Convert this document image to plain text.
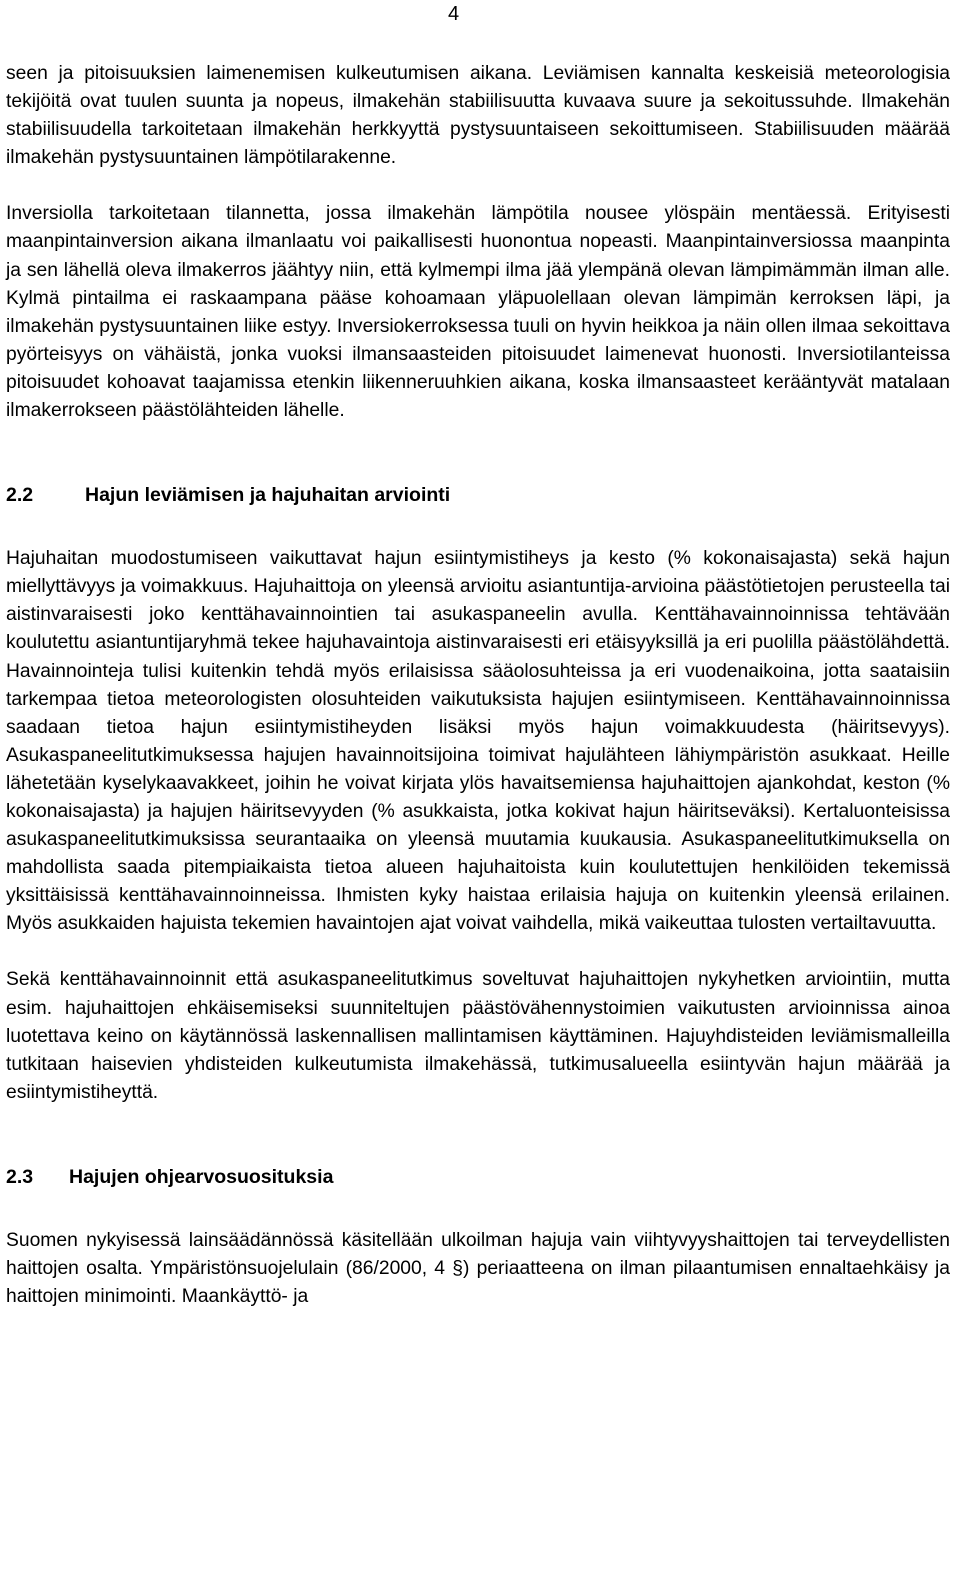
4

seen ja pitoisuuksien laimenemisen kulkeutumisen aikana. Leviämisen kannalta keskeisiä meteorologisia tekijöitä ovat tuulen suunta ja nopeus, ilmakehän stabiilisuutta kuvaava suure ja sekoitussuhde. Ilmakehän stabiilisuudella tarkoitetaan ilmakehän herkkyyttä pystysuuntaiseen sekoittumiseen. Stabiilisuuden määrää ilmakehän pystysuuntainen lämpötilarakenne.

Inversiolla tarkoitetaan tilannetta, jossa ilmakehän lämpötila nousee ylöspäin mentäessä. Erityisesti maanpintainversion aikana ilmanlaatu voi paikallisesti huonontua nopeasti. Maanpintainversiossa maanpinta ja sen lähellä oleva ilmakerros jäähtyy niin, että kylmempi ilma jää ylempänä olevan lämpimämmän ilman alle. Kylmä pintailma ei raskaampana pääse kohoamaan yläpuolellaan olevan lämpimän kerroksen läpi, ja ilmakehän pystysuuntainen liike estyy. Inversiokerroksessa tuuli on hyvin heikkoa ja näin ollen ilmaa sekoittava pyörteisyys on vähäistä, jonka vuoksi ilmansaasteiden pitoisuudet laimenevat huonosti. Inversiotilanteissa pitoisuudet kohoavat taajamissa etenkin liikenneruuhkien aikana, koska ilmansaasteet kerääntyvät matalaan ilmakerrokseen päästölähteiden lähelle.

2.2	Hajun leviämisen ja hajuhaitan arviointi

Hajuhaitan muodostumiseen vaikuttavat hajun esiintymistiheys ja kesto (% kokonaisajasta) sekä hajun miellyttävyys ja voimakkuus. Hajuhaittoja on yleensä arvioitu asiantuntija-arvioina päästötietojen perusteella tai aistinvaraisesti joko kenttähavainnointien tai asukaspaneelin avulla. Kenttähavainnoinnissa tehtävään koulutettu asiantuntijaryhmä tekee hajuhavaintoja aistinvaraisesti eri etäisyyksillä ja eri puolilla päästölähdettä. Havainnointeja tulisi kuitenkin tehdä myös erilaisissa sääolosuhteissa ja eri vuodenaikoina, jotta saataisiin tarkempaa tietoa meteorologisten olosuhteiden vaikutuksista hajujen esiintymiseen. Kenttähavainnoinnissa saadaan tietoa hajun esiintymistiheyden lisäksi myös hajun voimakkuudesta (häiritsevyys). Asukaspaneelitutkimuksessa hajujen havainnoitsijoina toimivat hajulähteen lähiympäristön asukkaat. Heille lähetetään kyselykaavakkeet, joihin he voivat kirjata ylös havaitsemiensa hajuhaittojen ajankohdat, keston (% kokonaisajasta) ja hajujen häiritsevyyden (% asukkaista, jotka kokivat hajun häiritseväksi). Kertaluonteisissa asukaspaneelitutkimuksissa seurantaaika on yleensä muutamia kuukausia. Asukaspaneelitutkimuksella on mahdollista saada pitempiaikaista tietoa alueen hajuhaitoista kuin koulutettujen henkilöiden tekemissä yksittäisissä kenttähavainnoinneissa. Ihmisten kyky haistaa erilaisia hajuja on kuitenkin yleensä erilainen. Myös asukkaiden hajuista tekemien havaintojen ajat voivat vaihdella, mikä vaikeuttaa tulosten vertailtavuutta.

Sekä kenttähavainnoinnit että asukaspaneelitutkimus soveltuvat hajuhaittojen nykyhetken arviointiin, mutta esim. hajuhaittojen ehkäisemiseksi suunniteltujen päästövähennystoimien vaikutusten arvioinnissa ainoa luotettava keino on käytännössä laskennallisen mallintamisen käyttäminen. Hajuyhdisteiden leviämismalleilla tutkitaan haisevien yhdisteiden kulkeutumista ilmakehässä, tutkimusalueella esiintyvän hajun määrää ja esiintymistiheyttä.

2.3	Hajujen ohjearvosuosituksia

Suomen nykyisessä lainsäädännössä käsitellään ulkoilman hajuja vain viihtyvyyshaittojen tai terveydellisten haittojen osalta. Ympäristönsuojelulain (86/2000, 4 §) periaatteena on ilman pilaantumisen ennaltaehkäisy ja haittojen minimointi. Maankäyttö- ja
